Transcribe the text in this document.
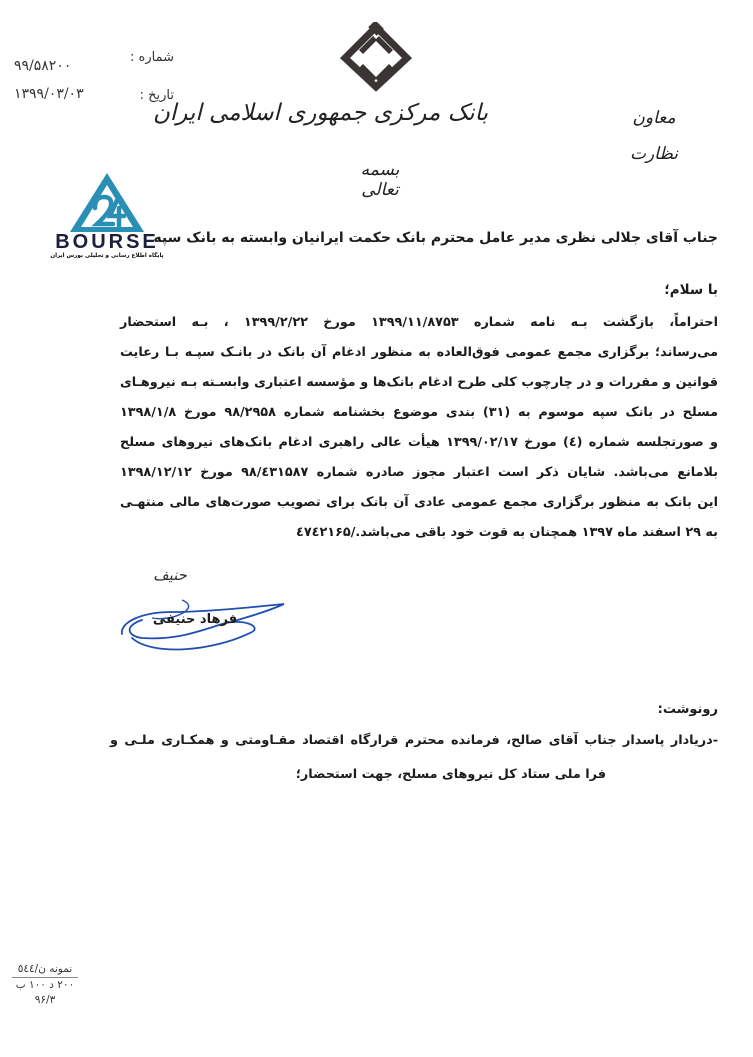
شماره :
۹۹/۵۸۲۰۰
تاریخ :
۱۳۹۹/۰۳/۰۳
بانک مرکزی جمهوری اسلامی ایران
بسمه تعالی
معاون
نظارت
BOURSE
پایگاه اطلاع رسانی و تحلیلی بورس ایران
جناب آقای جلالی نظری مدیر عامل محترم بانک حکمت ایرانیان وابسته به بانک سپه
با سلام؛
احتراماً، بازگشت بـه نامه شماره ۱۳۹۹/۱۱/۸۷۵۳ مورخ ۱۳۹۹/۲/۲۲ ، بـه استحضار
می‌رساند؛ برگزاری مجمع عمومی فوق‌العاده به منظور ادغام آن بانک در بانـک سپـه بـا رعایت
قوانین و مقررات و در چارچوب کلی طرح ادغام بانک‌ها و مؤسسه اعتباری وابسـته بـه نیروهـای
مسلح در بانک سپه موسوم به (۳۱) بندی موضوع بخشنامه شماره ۹۸/۲۹۵۸ مورخ ۱۳۹۸/۱/۸
و صورتجلسه شماره (٤) مورخ ۱۳۹۹/۰۲/۱۷ هیأت عالی راهبری ادغام بانک‌های نیروهای مسلح
بلامانع می‌باشد. شایان ذکر است اعتبار مجوز صادره شماره ۹۸/٤۳۱۵۸۷ مورخ ۱۳۹۸/۱۲/۱۲
این بانک به منظور برگزاری مجمع عمومی عادی آن بانک برای تصویب صورت‌های مالی منتهـی
به ۲۹ اسفند ماه ۱۳۹۷ همچنان به قوت خود باقی می‌باشد./٤۷٤۲۱۶۵
حنیف
فرهاد حنیفی
رونوشت:
-دریادار پاسدار جناب آقای صالح، فرمانده محترم قرارگاه اقتصاد مقـاومتی و همکـاری ملـی و
فرا ملی ستاد کل نیروهای مسلح، جهت استحضار؛
نمونه ن/٥٤٤
۲۰۰ د ۱۰۰ ب
۹۶/۳
